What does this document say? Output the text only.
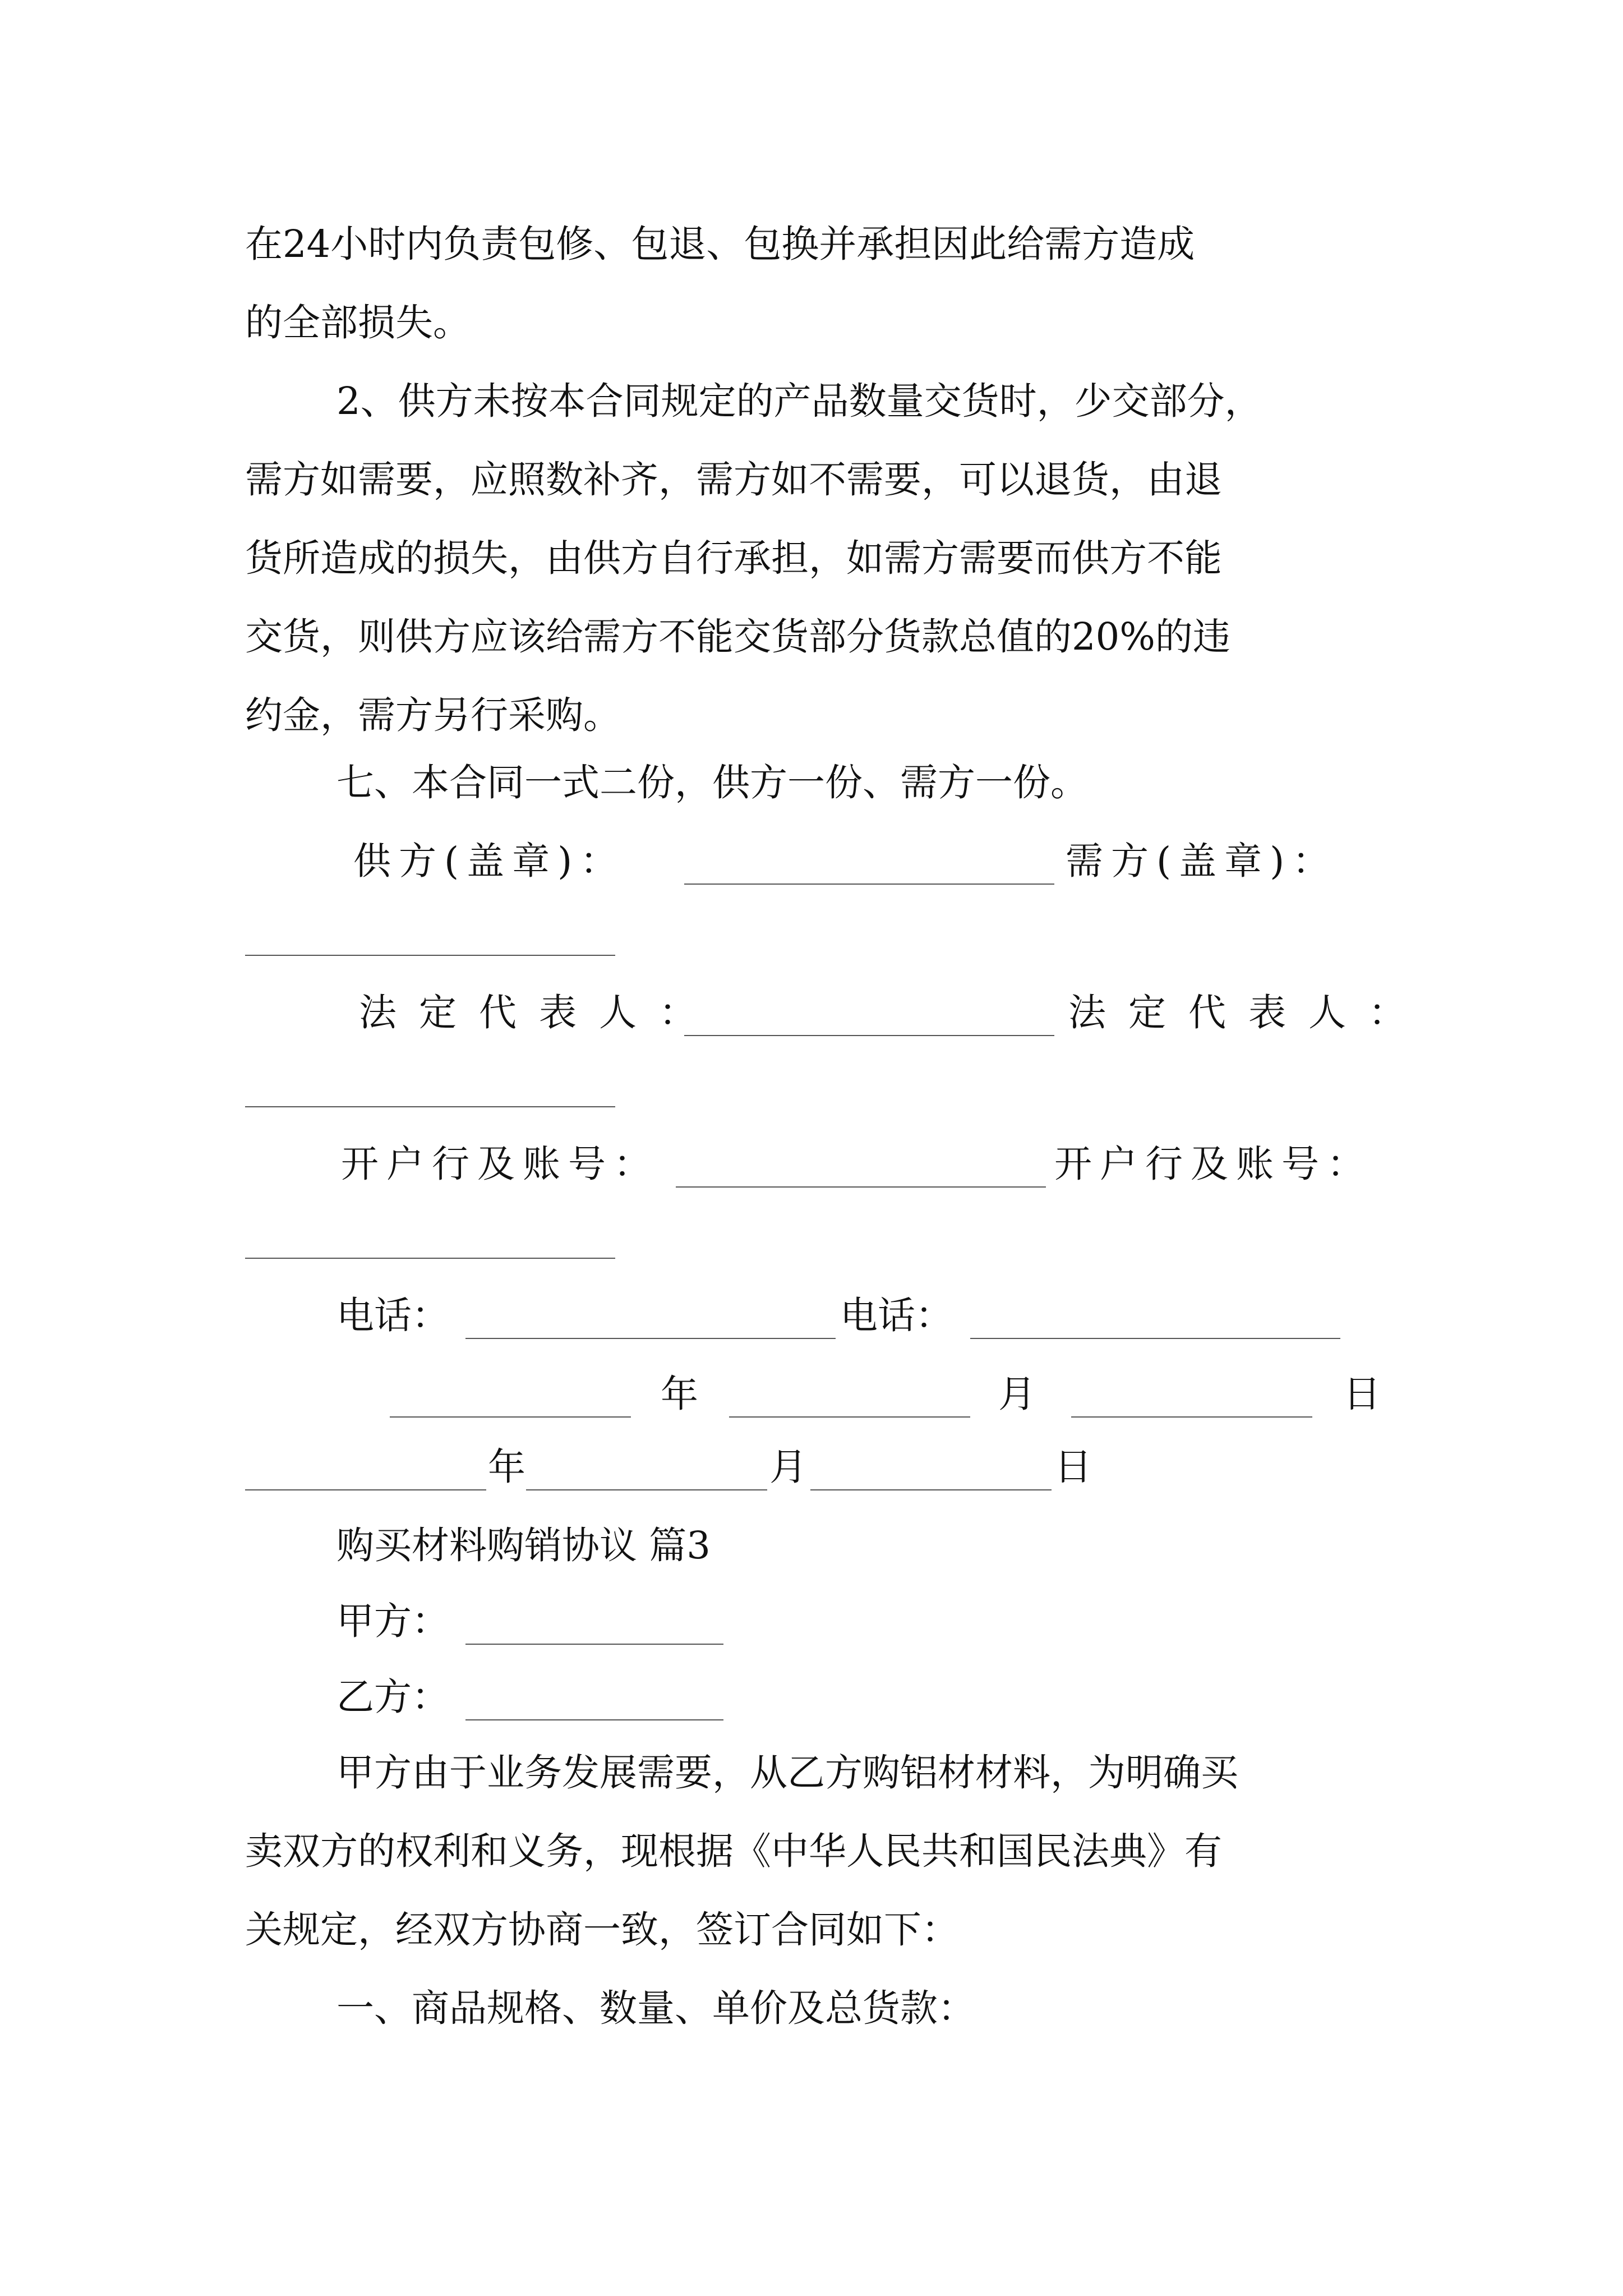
在24小时内负责包修、包退、包换并承担因此给需方造成
的全部损失。
2、供方未按本合同规定的产品数量交货时，少交部分，
需方如需要，应照数补齐，需方如不需要，可以退货，由退
货所造成的损失，由供方自行承担，如需方需要而供方不能
交货，则供方应该给需方不能交货部分货款总值的20%的违
约金，需方另行采购。
七、本合同一式二份，供方一份、需方一份。
供方(盖章)：	需方(盖章)：
法定代表人：	法定代表人：
开户行及账号：	开户行及账号：
电话：	电话：
年	月	日
年	月	日
购买材料购销协议 篇3
甲方：
乙方：
甲方由于业务发展需要，从乙方购铝材材料，为明确买
卖双方的权利和义务，现根据《中华人民共和国民法典》有
关规定，经双方协商一致，签订合同如下：
一、商品规格、数量、单价及总货款：
